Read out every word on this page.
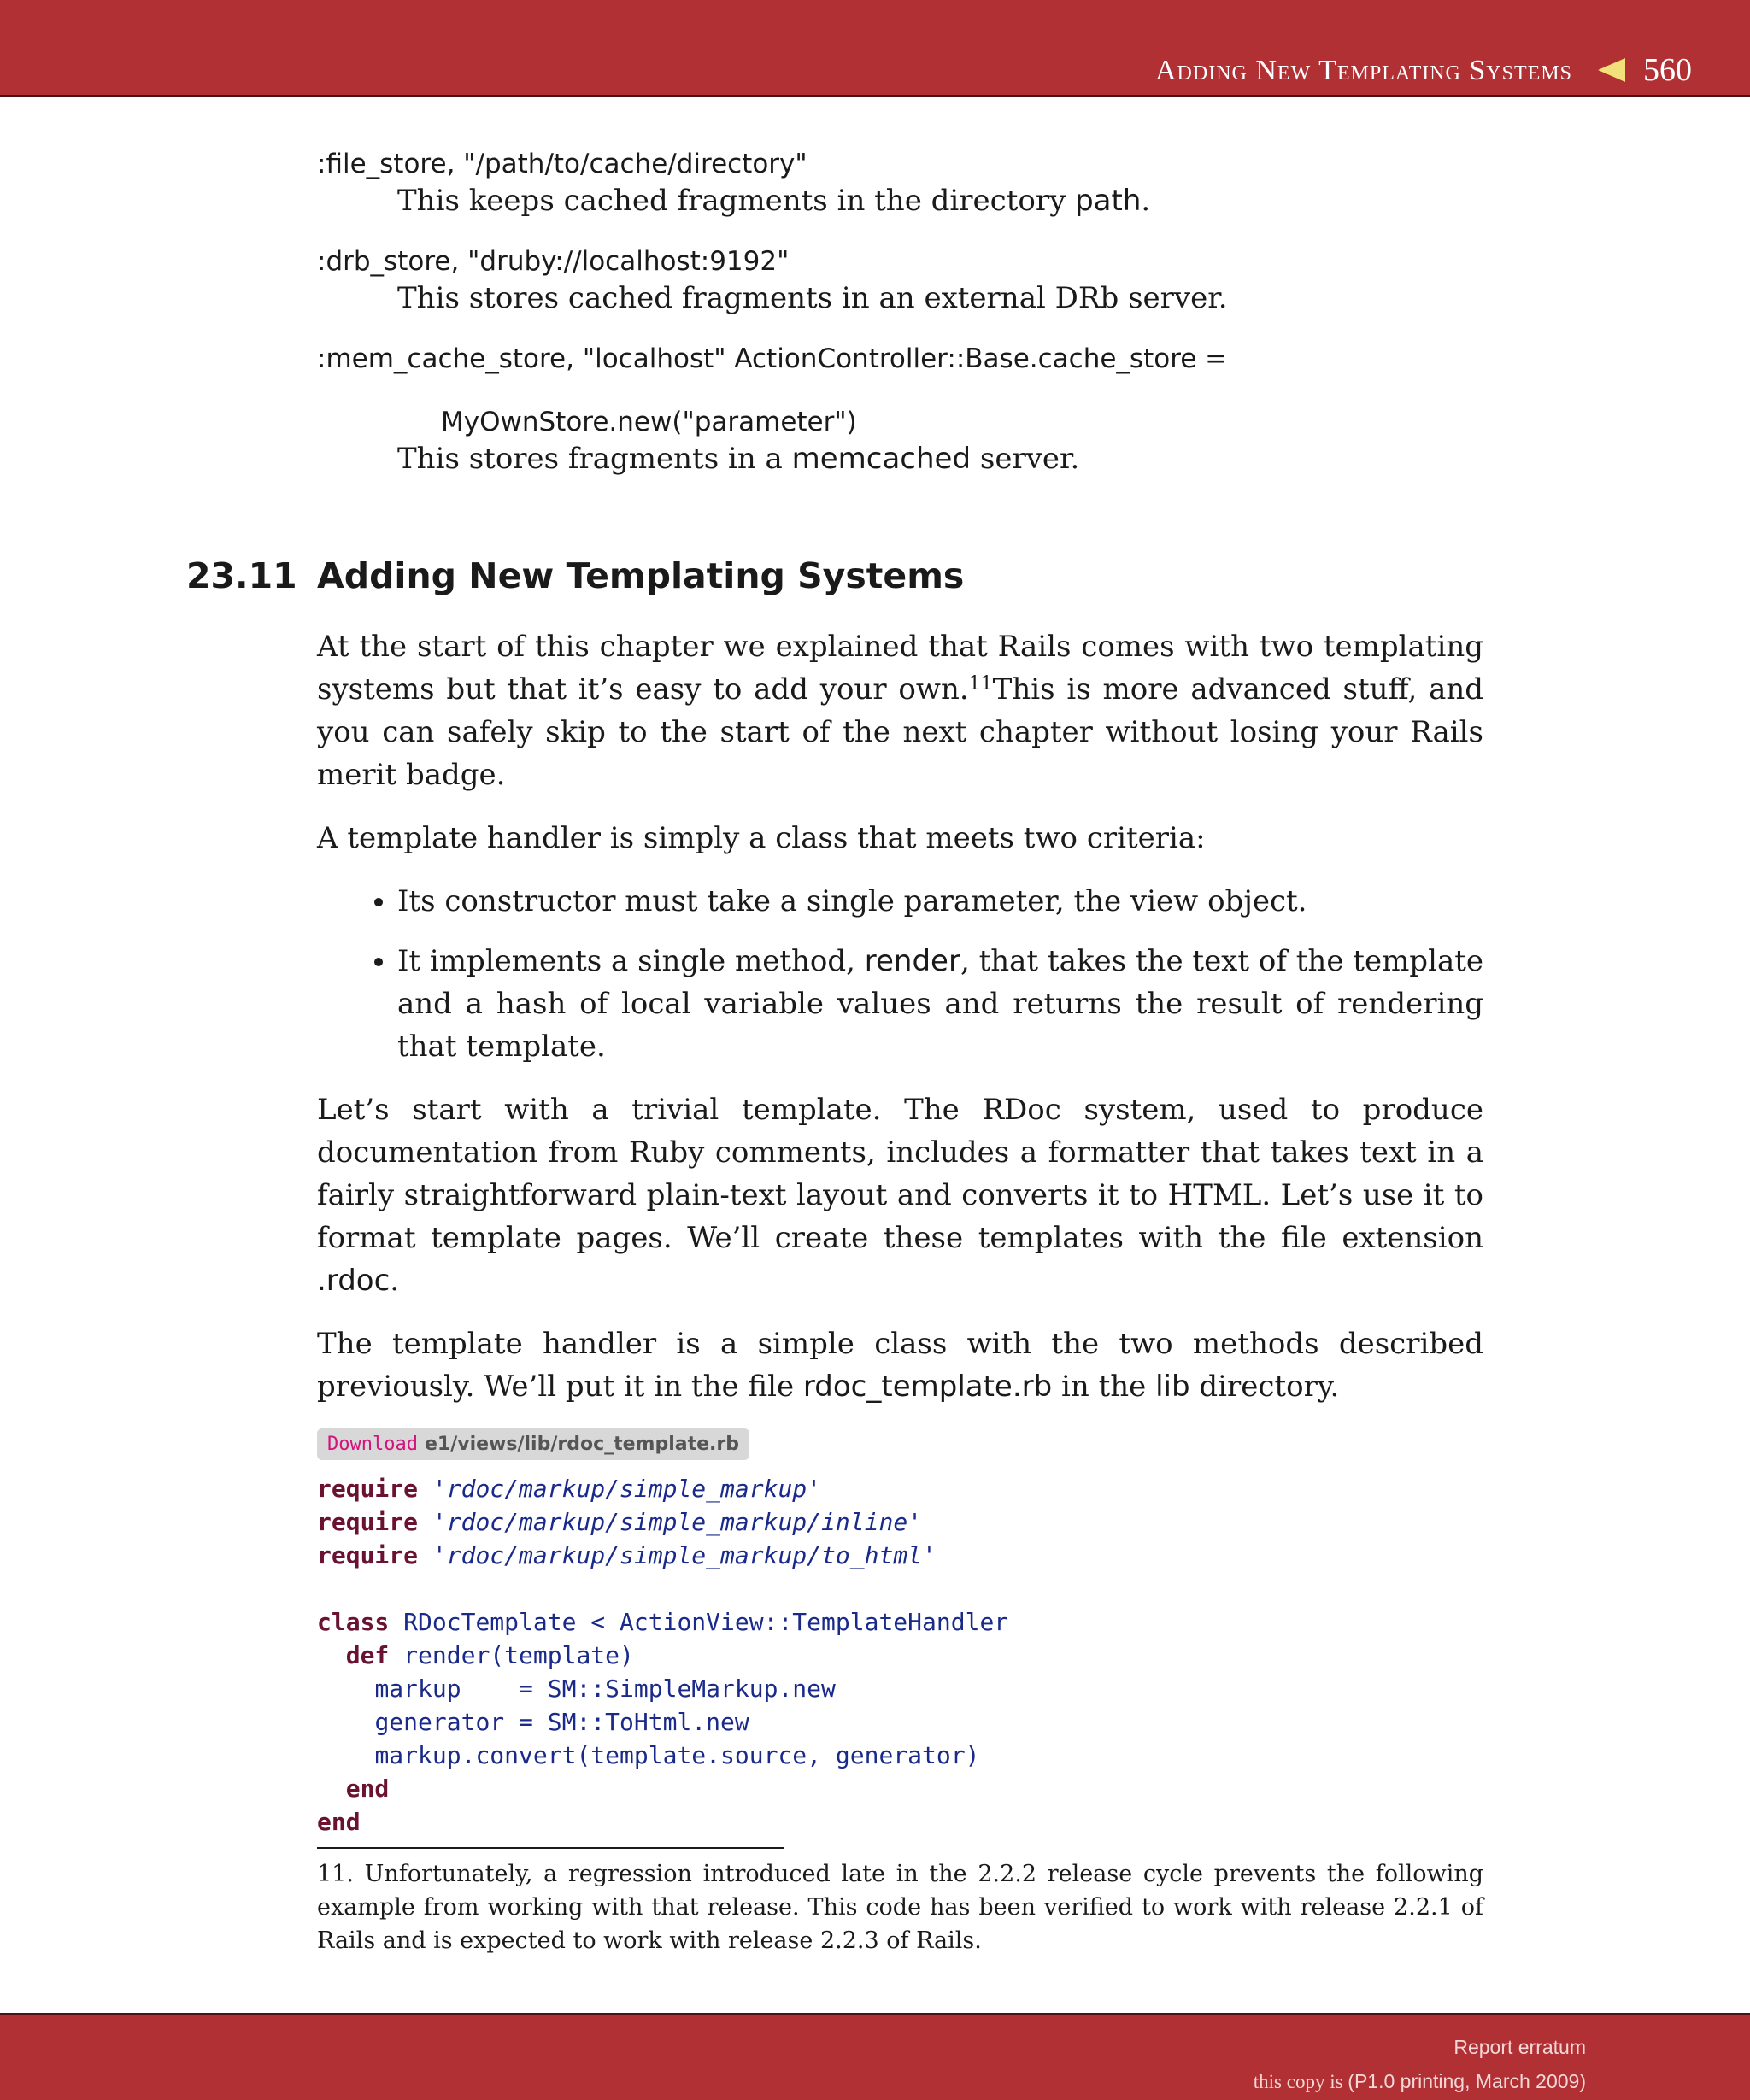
Adding New Templating Systems 560
:file_store, "/path/to/cache/directory"
This keeps cached fragments in the directory path.
:drb_store, "druby://localhost:9192"
This stores cached fragments in an external DRb server.
:mem_cache_store, "localhost" ActionController::Base.cache_store =
MyOwnStore.new("parameter")
This stores fragments in a memcached server.
23.11 Adding New Templating Systems

At the start of this chapter we explained that Rails comes with two templating systems but that it’s easy to add your own.$^{11}$This is more advanced stuff, and you can safely skip to the start of the next chapter without losing your Rails merit badge.

A template handler is simply a class that meets two criteria:

• Its constructor must take a single parameter, the view object.
• It implements a single method, render, that takes the text of the template and a hash of local variable values and returns the result of rendering that template.

Let’s start with a trivial template. The RDoc system, used to produce documentation from Ruby comments, includes a formatter that takes text in a fairly straightforward plain-text layout and converts it to HTML. Let’s use it to format template pages. We’ll create these templates with the file extension .rdoc.

The template handler is a simple class with the two methods described previously. We’ll put it in the file rdoc_template.rb in the lib directory.

Download e1/views/lib/rdoc_template.rb
require 'rdoc/markup/simple_markup'
require 'rdoc/markup/simple_markup/inline'
require 'rdoc/markup/simple_markup/to_html'

class RDocTemplate < ActionView::TemplateHandler
def render(template)
markup    = SM::SimpleMarkup.new
generator = SM::ToHtml.new
markup.convert(template.source, generator)
end
end

11. Unfortunately, a regression introduced late in the 2.2.2 release cycle prevents the following example from working with that release. This code has been verified to work with release 2.2.1 of Rails and is expected to work with release 2.2.3 of Rails.

Report erratum
this copy is (P1.0 printing, March 2009)
